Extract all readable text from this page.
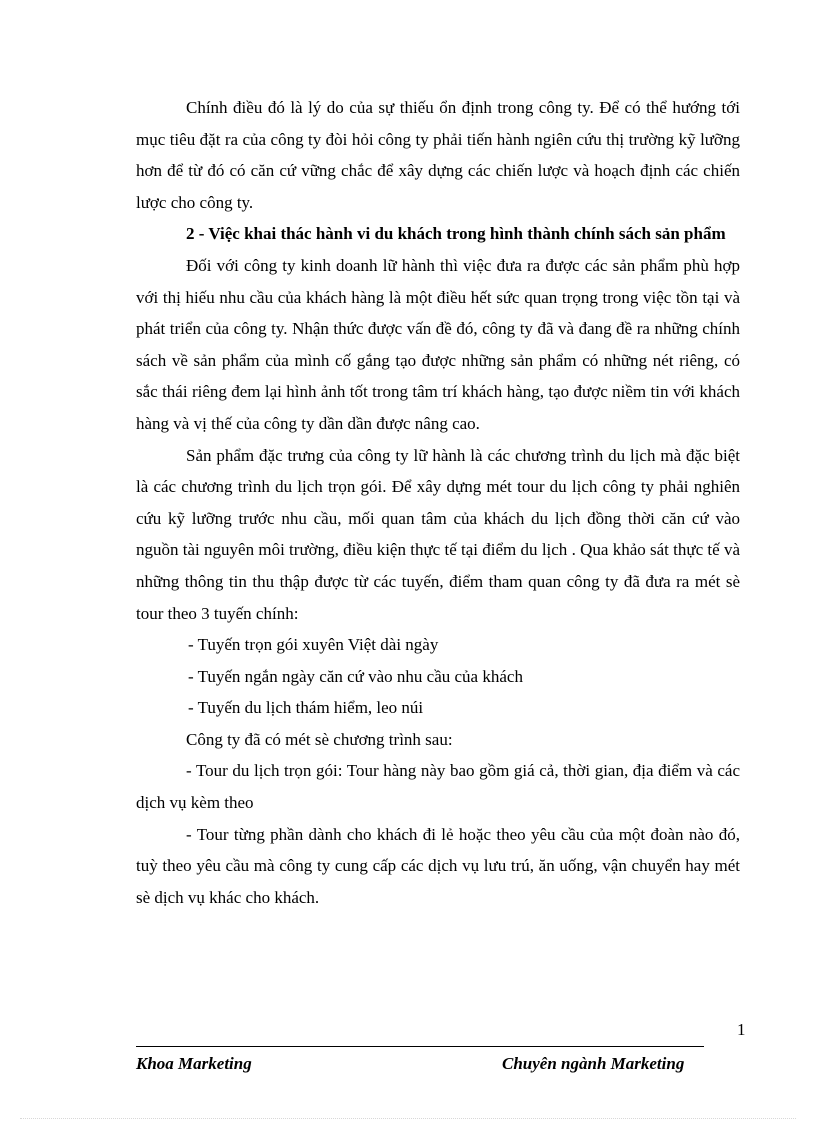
Chính điều đó là lý do của sự thiếu ổn định trong công ty. Để có thể hướng tới mục tiêu đặt ra của công ty đòi hỏi công ty phải tiến hành ngiên cứu thị trường kỹ lưỡng hơn để từ đó có căn cứ vững chắc để xây dựng các chiến lược và hoạch định các chiến lược cho công ty.

2 - Việc khai thác hành vi du khách trong hình thành chính sách sản phẩm

Đối với công ty kinh doanh lữ hành thì việc đưa ra được các sản phẩm phù hợp với thị hiếu nhu cầu của khách hàng là một điều hết sức quan trọng trong việc tồn tại và phát triển của công ty. Nhận thức được vấn đề đó, công ty đã và đang đề ra những chính sách về sản phẩm của mình cố gắng tạo được những sản phẩm có những nét riêng, có sắc thái riêng đem lại hình ảnh tốt trong tâm trí khách hàng, tạo được niềm tin với khách hàng và vị thế của công ty dần dần được nâng cao.

Sản phẩm đặc trưng của công ty lữ hành là các chương trình du lịch mà đặc biệt là các chương trình du lịch trọn gói. Để xây dựng mét tour du lịch công ty phải nghiên cứu kỹ lưỡng trước nhu cầu, mối quan tâm của khách du lịch đồng thời căn cứ vào nguồn tài nguyên môi trường, điều kiện thực tế tại điểm du lịch . Qua khảo sát thực tế và những thông tin thu thập được từ các tuyến, điểm tham quan công ty đã đưa ra mét sè tour theo 3 tuyến chính:

- Tuyến trọn gói xuyên Việt dài ngày

- Tuyến ngắn ngày căn cứ vào nhu cầu của khách

- Tuyến du lịch thám hiểm, leo núi

Công ty đã có mét sè chương trình sau:

- Tour du lịch trọn gói: Tour hàng này bao gồm giá cả, thời gian, địa điểm và các dịch vụ kèm theo

- Tour từng phần dành cho khách đi lẻ hoặc theo yêu cầu của một đoàn nào đó, tuỳ theo yêu cầu mà công ty cung cấp các dịch vụ lưu trú, ăn uống, vận chuyển hay mét sè dịch vụ khác cho khách.

1
Khoa Marketing	Chuyên ngành Marketing
